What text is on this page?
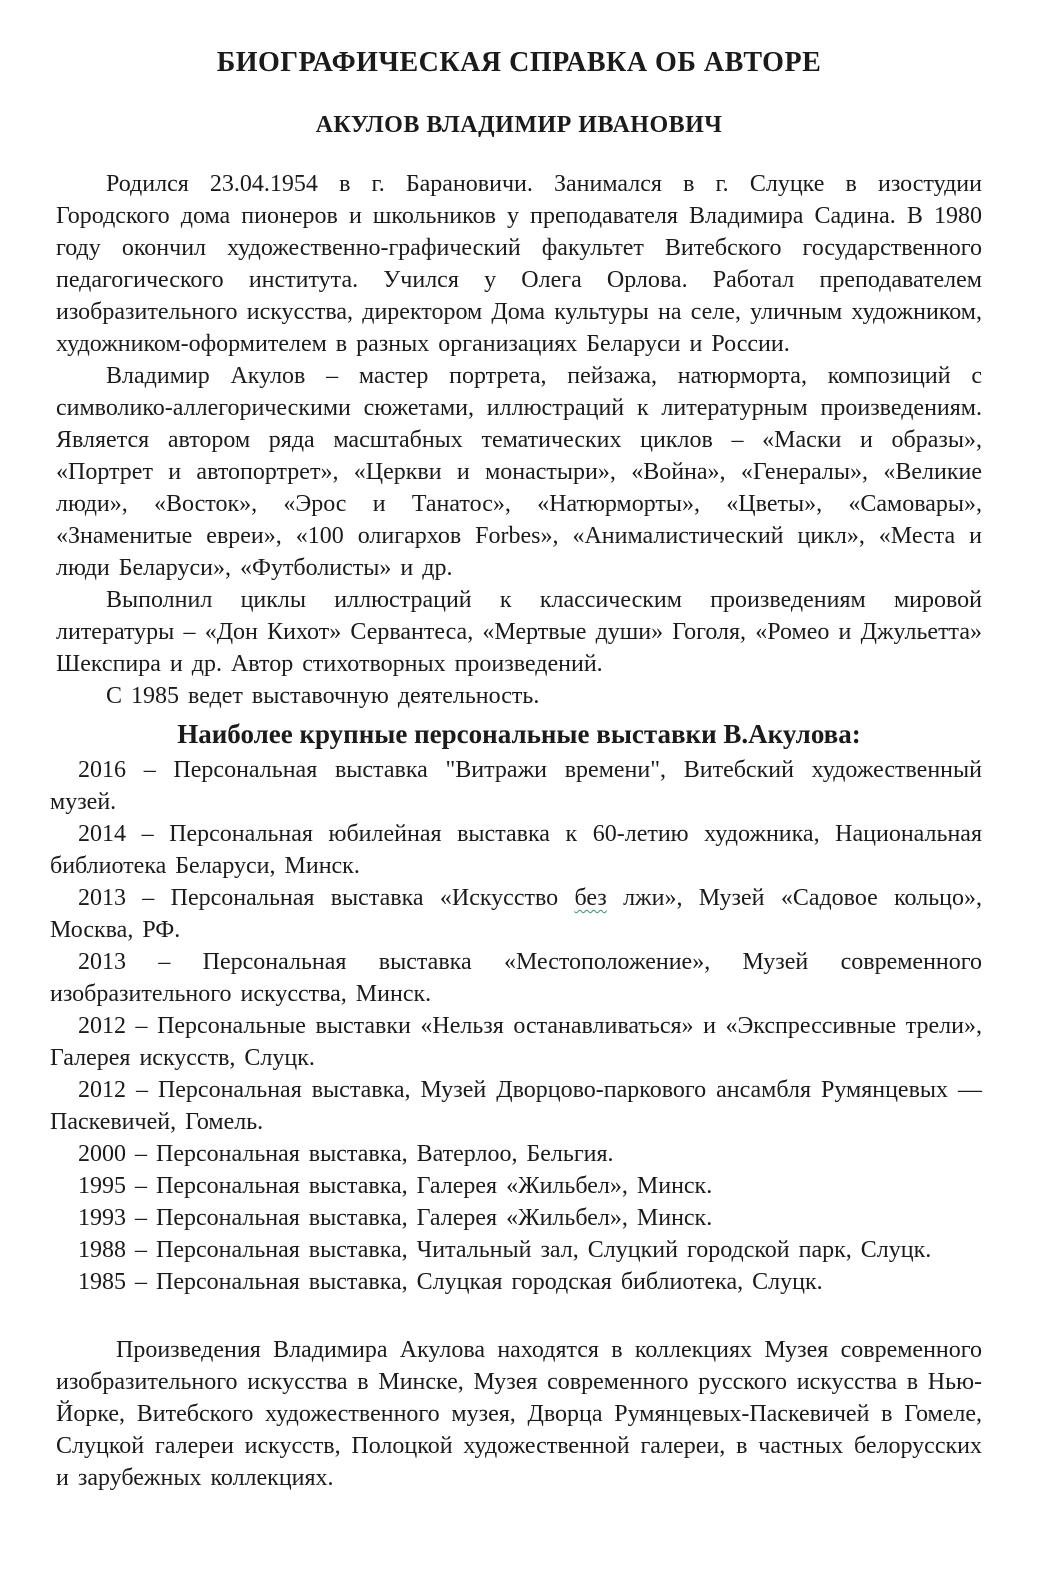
БИОГРАФИЧЕСКАЯ СПРАВКА ОБ АВТОРЕ
АКУЛОВ ВЛАДИМИР ИВАНОВИЧ

Родился 23.04.1954 в г. Барановичи. Занимался в г. Слуцке в изостудии Городского дома пионеров и школьников у преподавателя Владимира Садина. В 1980 году окончил художественно-графический факультет Витебского государственного педагогического института. Учился у Олега Орлова. Работал преподавателем изобразительного искусства, директором Дома культуры на селе, уличным художником, художником-оформителем в разных организациях Беларуси и России.

Владимир Акулов – мастер портрета, пейзажа, натюрморта, композиций с символико-аллегорическими сюжетами, иллюстраций к литературным произведениям. Является автором ряда масштабных тематических циклов – «Маски и образы», «Портрет и автопортрет», «Церкви и монастыри», «Война», «Генералы», «Великие люди», «Восток», «Эрос и Танатос», «Натюрморты», «Цветы», «Самовары», «Знаменитые евреи», «100 олигархов Forbes», «Анималистический цикл», «Места и люди Беларуси», «Футболисты» и др.

Выполнил циклы иллюстраций к классическим произведениям мировой литературы – «Дон Кихот» Сервантеса, «Мертвые души» Гоголя, «Ромео и Джульетта» Шекспира и др. Автор стихотворных произведений.

С 1985 ведет выставочную деятельность.

Наиболее крупные персональные выставки В.Акулова:

2016 – Персональная выставка "Витражи времени", Витебский художественный музей.

2014 – Персональная юбилейная выставка к 60-летию художника, Национальная библиотека Беларуси, Минск.

2013 – Персональная выставка «Искусство без лжи», Музей «Садовое кольцо», Москва, РФ.

2013 – Персональная выставка «Местоположение», Музей современного изобразительного искусства, Минск.

2012 – Персональные выставки «Нельзя останавливаться» и «Экспрессивные трели», Галерея искусств, Слуцк.

2012 – Персональная выставка, Музей Дворцово-паркового ансамбля Румянцевых — Паскевичей, Гомель.

2000 – Персональная выставка, Ватерлоо, Бельгия.

1995 – Персональная выставка, Галерея «Жильбел», Минск.

1993 – Персональная выставка, Галерея «Жильбел», Минск.

1988 – Персональная выставка, Читальный зал, Слуцкий городской парк, Слуцк.

1985 – Персональная выставка, Слуцкая городская библиотека, Слуцк.

Произведения Владимира Акулова находятся в коллекциях Музея современного изобразительного искусства в Минске, Музея современного русского искусства в Нью-Йорке, Витебского художественного музея, Дворца Румянцевых-Паскевичей в Гомеле, Слуцкой галереи искусств, Полоцкой художественной галереи, в частных белорусских и зарубежных коллекциях.
